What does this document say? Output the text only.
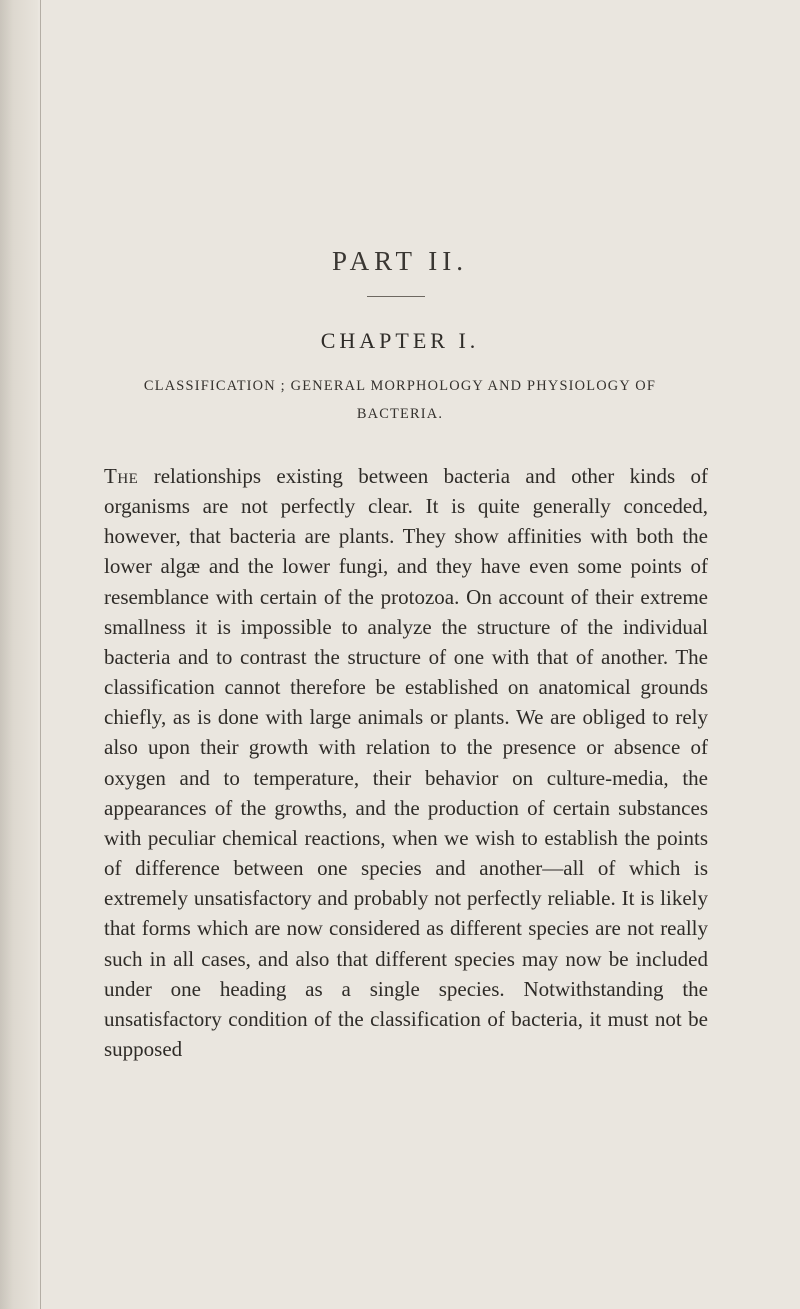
PART II.
CHAPTER I.

CLASSIFICATION ; GENERAL MORPHOLOGY AND PHYSIOLOGY OF BACTERIA.

The relationships existing between bacteria and other kinds of organisms are not perfectly clear. It is quite generally conceded, however, that bacteria are plants. They show affinities with both the lower algæ and the lower fungi, and they have even some points of resemblance with certain of the protozoa. On account of their extreme smallness it is impossible to analyze the structure of the individual bacteria and to contrast the structure of one with that of another. The classification cannot therefore be established on anatomical grounds chiefly, as is done with large animals or plants. We are obliged to rely also upon their growth with relation to the presence or absence of oxygen and to temperature, their behavior on culture-media, the appearances of the growths, and the production of certain substances with peculiar chemical reactions, when we wish to establish the points of difference between one species and another—all of which is extremely unsatisfactory and probably not perfectly reliable. It is likely that forms which are now considered as different species are not really such in all cases, and also that different species may now be included under one heading as a single species. Notwithstanding the unsatisfactory condition of the classification of bacteria, it must not be supposed
